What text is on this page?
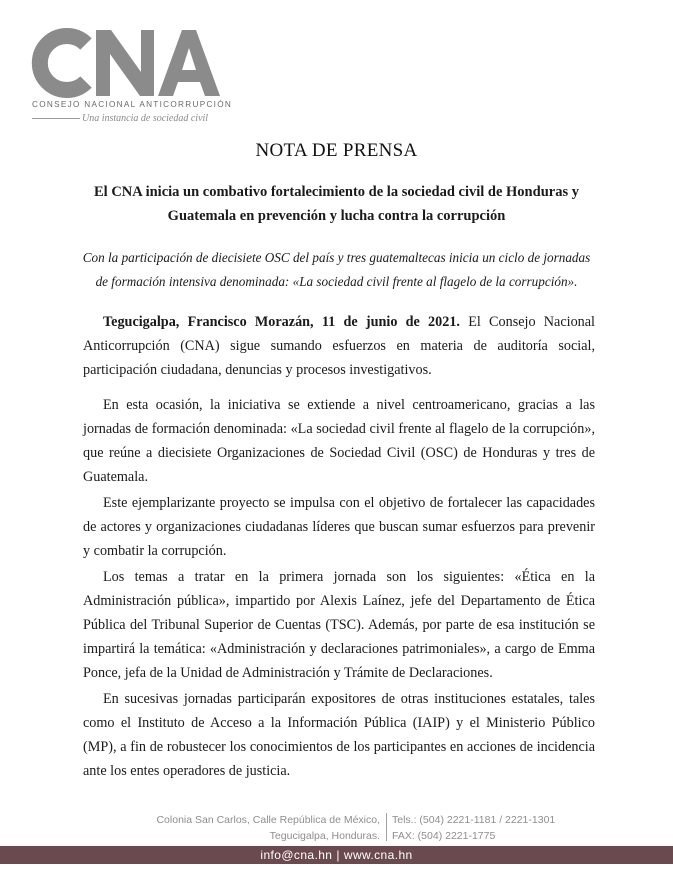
CONSEJO NACIONAL ANTICORRUPCIÓN
Una instancia de sociedad civil
NOTA DE PRENSA
El CNA inicia un combativo fortalecimiento de la sociedad civil de Honduras y
Guatemala en prevención y lucha contra la corrupción
Con la participación de diecisiete OSC del país y tres guatemaltecas inicia un ciclo de jornadas
de formación intensiva denominada: «La sociedad civil frente al flagelo de la corrupción».

Tegucigalpa, Francisco Morazán, 11 de junio de 2021. El Consejo Nacional Anticorrupción (CNA) sigue sumando esfuerzos en materia de auditoría social, participación ciudadana, denuncias y procesos investigativos.

En esta ocasión, la iniciativa se extiende a nivel centroamericano, gracias a las jornadas de formación denominada: «La sociedad civil frente al flagelo de la corrupción», que reúne a diecisiete Organizaciones de Sociedad Civil (OSC) de Honduras y tres de Guatemala.

Este ejemplarizante proyecto se impulsa con el objetivo de fortalecer las capacidades de actores y organizaciones ciudadanas líderes que buscan sumar esfuerzos para prevenir y combatir la corrupción.

Los temas a tratar en la primera jornada son los siguientes: «Ética en la Administración pública», impartido por Alexis Laínez, jefe del Departamento de Ética Pública del Tribunal Superior de Cuentas (TSC). Además, por parte de esa institución se impartirá la temática: «Administración y declaraciones patrimoniales», a cargo de Emma Ponce, jefa de la Unidad de Administración y Trámite de Declaraciones.

En sucesivas jornadas participarán expositores de otras instituciones estatales, tales como el Instituto de Acceso a la Información Pública (IAIP) y el Ministerio Público (MP), a fin de robustecer los conocimientos de los participantes en acciones de incidencia ante los entes operadores de justicia.

Colonia San Carlos, Calle República de México,
Tegucigalpa, Honduras.
Tels.: (504) 2221-1181 / 2221-1301
FAX: (504) 2221-1775
info@cna.hn | www.cna.hn
